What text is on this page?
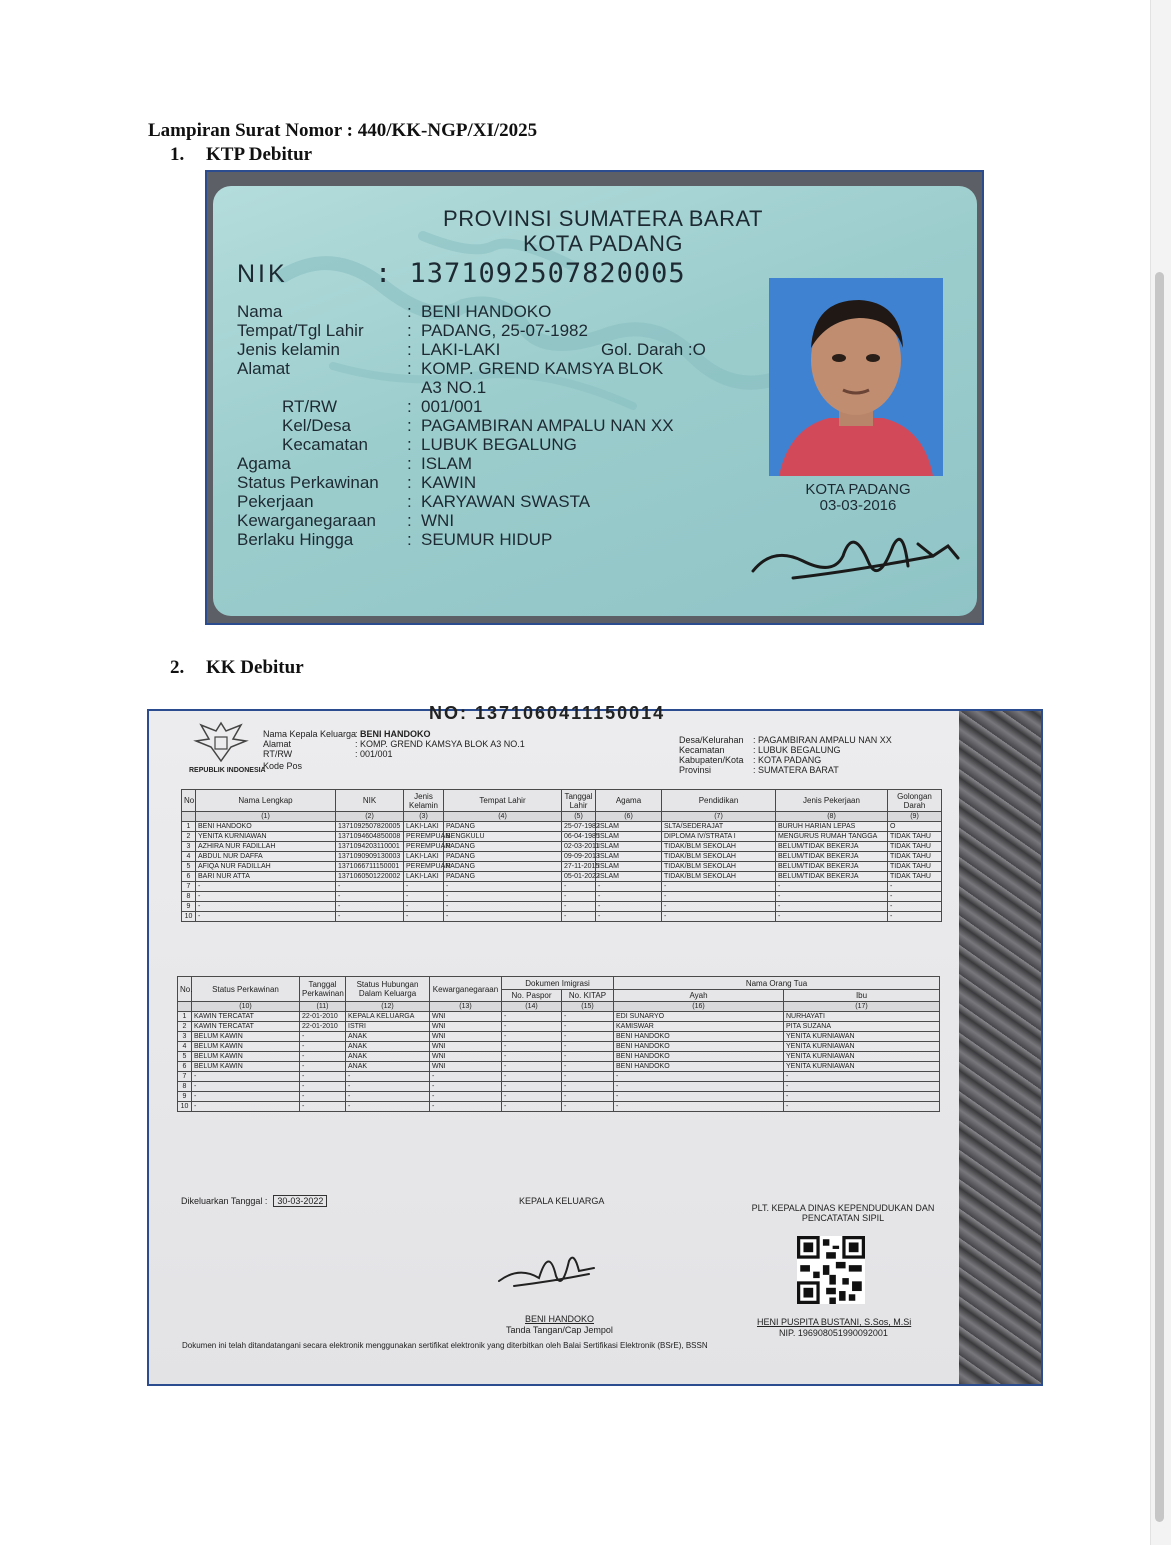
Lampiran Surat Nomor : 440/KK-NGP/XI/2025
1. KTP Debitur
PROVINSI SUMATERA BARAT
KOTA PADANG
NIK	: 1371092507820005
Nama	: BENI HANDOKO
Tempat/Tgl Lahir	: PADANG, 25-07-1982
Jenis kelamin	: LAKI-LAKI	Gol. Darah :O
Alamat	: KOMP. GREND KAMSYA BLOK
A3 NO.1
RT/RW	: 001/001
Kel/Desa	: PAGAMBIRAN AMPALU NAN XX
Kecamatan : LUBUK BEGALUNG
Agama	: ISLAM
Status Perkawinan : KAWIN
Pekerjaan	: KARYAWAN SWASTA
Kewarganegaraan : WNI
Berlaku Hingga	: SEUMUR HIDUP
KOTA PADANG
03-03-2016
2. KK Debitur
NO: 1371060411150014
REPUBLIK INDONESIA
Nama Kepala Keluarga
: BENI HANDOKO
Alamat	: KOMP. GREND KAMSYA BLOK A3 NO.1
RT/RW	: 001/001
Kode Pos
Desa/Kelurahan : PAGAMBIRAN AMPALU NAN XX
Kecamatan	: LUBUK BEGALUNG
Kabupaten/Kota : KOTA PADANG
Provinsi	: SUMATERA BARAT
No	Nama Lengkap	NIK	Jenis Kelamin	Tempat Lahir	Tanggal Lahir	Agama	Pendidikan	Jenis Pekerjaan	Golongan Darah
	(1)	(2)	(3)	(4)	(5)	(6)	(7)	(8)	(9)
1	BENI HANDOKO	1371092507820005	LAKI-LAKI	PADANG	25-07-1982	ISLAM	SLTA/SEDERAJAT	BURUH HARIAN LEPAS	O
2	YENITA KURNIAWAN	1371094604850008	PEREMPUAN	BENGKULU	06-04-1985	ISLAM	DIPLOMA IV/STRATA I	MENGURUS RUMAH TANGGA	TIDAK TAHU
3	AZHIRA NUR FADILLAH	1371094203110001	PEREMPUAN	PADANG	02-03-2011	ISLAM	TIDAK/BLM SEKOLAH	BELUM/TIDAK BEKERJA	TIDAK TAHU
4	ABDUL NUR DAFFA	1371090909130003	LAKI-LAKI	PADANG	09-09-2013	ISLAM	TIDAK/BLM SEKOLAH	BELUM/TIDAK BEKERJA	TIDAK TAHU
5	AFIQA NUR FADILLAH	1371066711150001	PEREMPUAN	PADANG	27-11-2015	ISLAM	TIDAK/BLM SEKOLAH	BELUM/TIDAK BEKERJA	TIDAK TAHU
6	BARI NUR ATTA	1371060501220002	LAKI-LAKI	PADANG	05-01-2022	ISLAM	TIDAK/BLM SEKOLAH	BELUM/TIDAK BEKERJA	TIDAK TAHU
7	-	-	-	-	-	-	-	-	-
8	-	-	-	-	-	-	-	-	-
9	-	-	-	-	-	-	-	-	-
10	-	-	-	-	-	-	-	-	-
No.	Status Perkawinan	Tanggal Perkawinan	Status Hubungan Dalam Keluarga	Kewarganegaraan	Dokumen Imigrasi		Nama Orang Tua	
					No. Paspor	No. KITAP	Ayah	Ibu
	(10)	(11)	(12)	(13)	(14)	(15)	(16)	(17)
1	KAWIN TERCATAT	22-01-2010	KEPALA KELUARGA	WNI	-	-	EDI SUNARYO	NURHAYATI
2	KAWIN TERCATAT	22-01-2010	ISTRI	WNI	-	-	KAMISWAR	PITA SUZANA
3	BELUM KAWIN	-	ANAK	WNI	-	-	BENI HANDOKO	YENITA KURNIAWAN
4	BELUM KAWIN	-	ANAK	WNI	-	-	BENI HANDOKO	YENITA KURNIAWAN
5	BELUM KAWIN	-	ANAK	WNI	-	-	BENI HANDOKO	YENITA KURNIAWAN
6	BELUM KAWIN	-	ANAK	WNI	-	-	BENI HANDOKO	YENITA KURNIAWAN
7	-	-	-	-	-	-	-	-
8	-	-	-	-	-	-	-	-
9	-	-	-	-	-	-	-	-
10	-	-	-	-	-	-	-	-
Dikeluarkan Tanggal : 30-03-2022	KEPALA KELUARGA
BENI HANDOKO
Tanda Tangan/Cap Jempol
PLT. KEPALA DINAS KEPENDUDUKAN DAN
PENCATATAN SIPIL
HENI PUSPITA BUSTANI, S.Sos, M.Si
NIP. 196908051990092001
Dokumen ini telah ditandatangani secara elektronik menggunakan sertifikat elektronik yang diterbitkan oleh Balai Sertifikasi Elektronik (BSrE), BSSN
